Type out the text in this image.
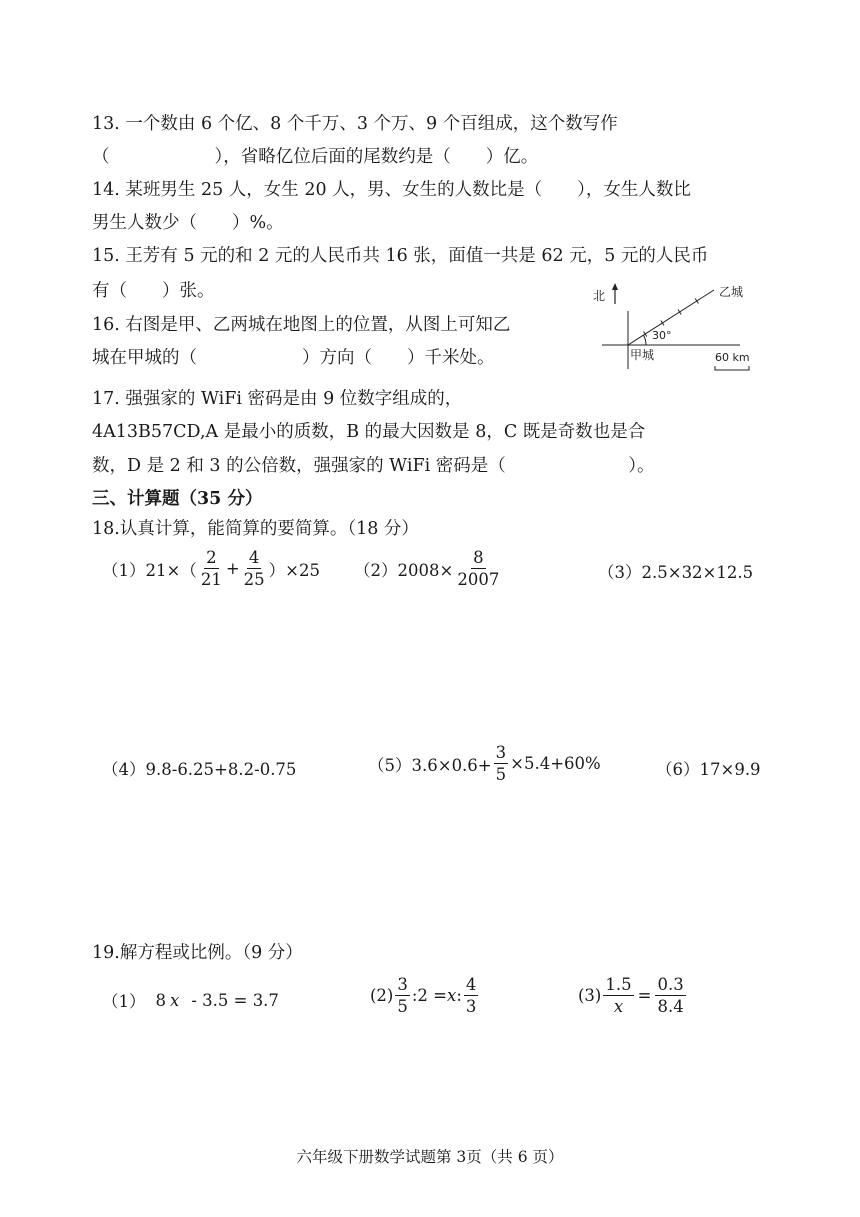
13. 一个数由 6 个亿、8 个千万、3 个万、9 个百组成，这个数写作
（　　　　　　），省略亿位后面的尾数约是（　　）亿。
14. 某班男生 25 人，女生 20 人，男、女生的人数比是（　　），女生人数比
男生人数少（　　）%。
15. 王芳有 5 元的和 2 元的人民币共 16 张，面值一共是 62 元，5 元的人民币
有（　　）张。
16. 右图是甲、乙两城在地图上的位置，从图上可知乙
城在甲城的（　　　　　　）方向（　　）千米处。
北
30°
乙城
甲城	60 km
17. 强强家的 WiFi 密码是由 9 位数字组成的，
4A13B57CD,A 是最小的质数，B 的最大因数是 8，C 既是奇数也是合
数，D 是 2 和 3 的公倍数，强强家的 WiFi 密码是（　　　　　　　）。
三、计算题（35 分）
18.认真计算，能简算的要简算。（18 分）
$(1)21\times( \frac{2}{21} + \frac{4}{25} )\times 25$ $(2)2008\times \frac{8}{2007}$	（3）2.5×32×12.5
（4）9.8-6.25+8.2-0.75	$(5)3.6\times 0.6+ \frac{3}{5} \times 5.4+60\%$	（6）17×9.9
19.解方程或比例。（9 分）
（1） 8 x - 3.5 = 3.7	$(2) \frac{3}{5}$ :2 = x : $\frac{4}{3}$	$(3) \frac{1.5}{x} = \frac{0.3}{8.4}$
六年级下册数学试题第 3页（共 6 页）
